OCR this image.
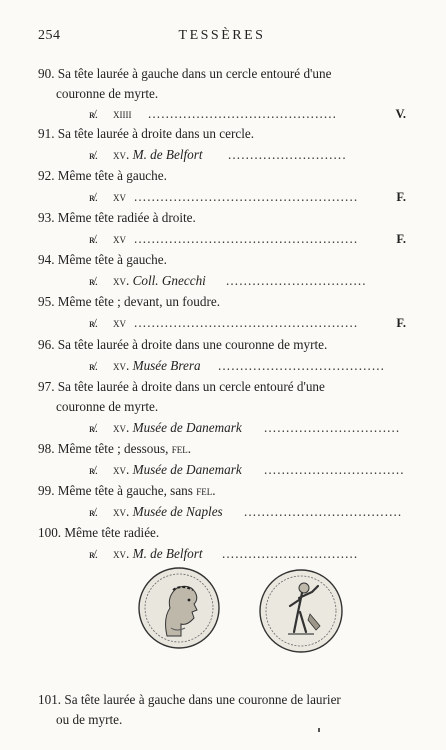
254	TESSÈRES
90. Sa tête laurée à gauche dans un cercle entouré d'une
couronne de myrte.
ʀ̸. xiiii ...........................................	V.
91. Sa tête laurée à droite dans un cercle.
ʀ̸. xv. M. de Belfort ...........................
92. Même tête à gauche.
ʀ̸. xv ...................................................	F.
93. Même tête radiée à droite.
ʀ̸. xv ...................................................	F.
94. Même tête à gauche.
ʀ̸. xv. Coll. Gnecchi ................................
95. Même tête ; devant, un foudre.
ʀ̸. xv ...................................................	F.
96. Sa tête laurée à droite dans une couronne de myrte.
ʀ̸. xv. Musée Brera ......................................
97. Sa tête laurée à droite dans un cercle entouré d'une
couronne de myrte.
ʀ̸. xv. Musée de Danemark ...............................
98. Même tête ; dessous, fel.
ʀ̸. xv. Musée de Danemark ................................
99. Même tête à gauche, sans fel.
ʀ̸. xv. Musée de Naples ....................................
100. Même tête radiée.
ʀ̸. xv. M. de Belfort ...............................
101. Sa tête laurée à gauche dans une couronne de laurier
ou de myrte.
